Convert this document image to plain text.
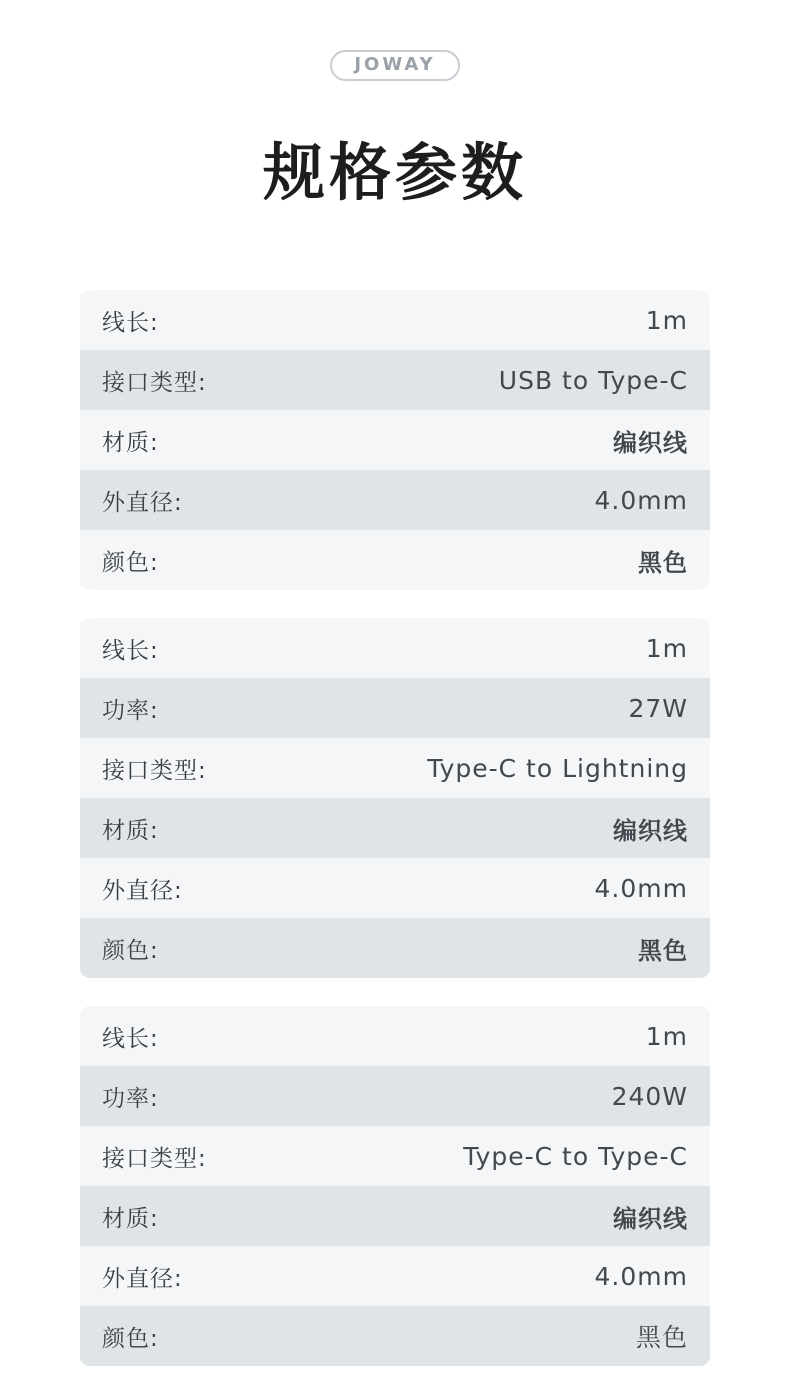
JOWAY
规格参数
线长:	1m
接口类型:	USB to Type-C
材质:	编织线
外直径:	4.0mm
颜色:	黑色
线长:	1m
功率:	27W
接口类型:	Type-C to Lightning
材质:	编织线
外直径:	4.0mm
颜色:	黑色
线长:	1m
功率:	240W
接口类型:	Type-C to Type-C
材质:	编织线
外直径:	4.0mm
颜色:	黑色
